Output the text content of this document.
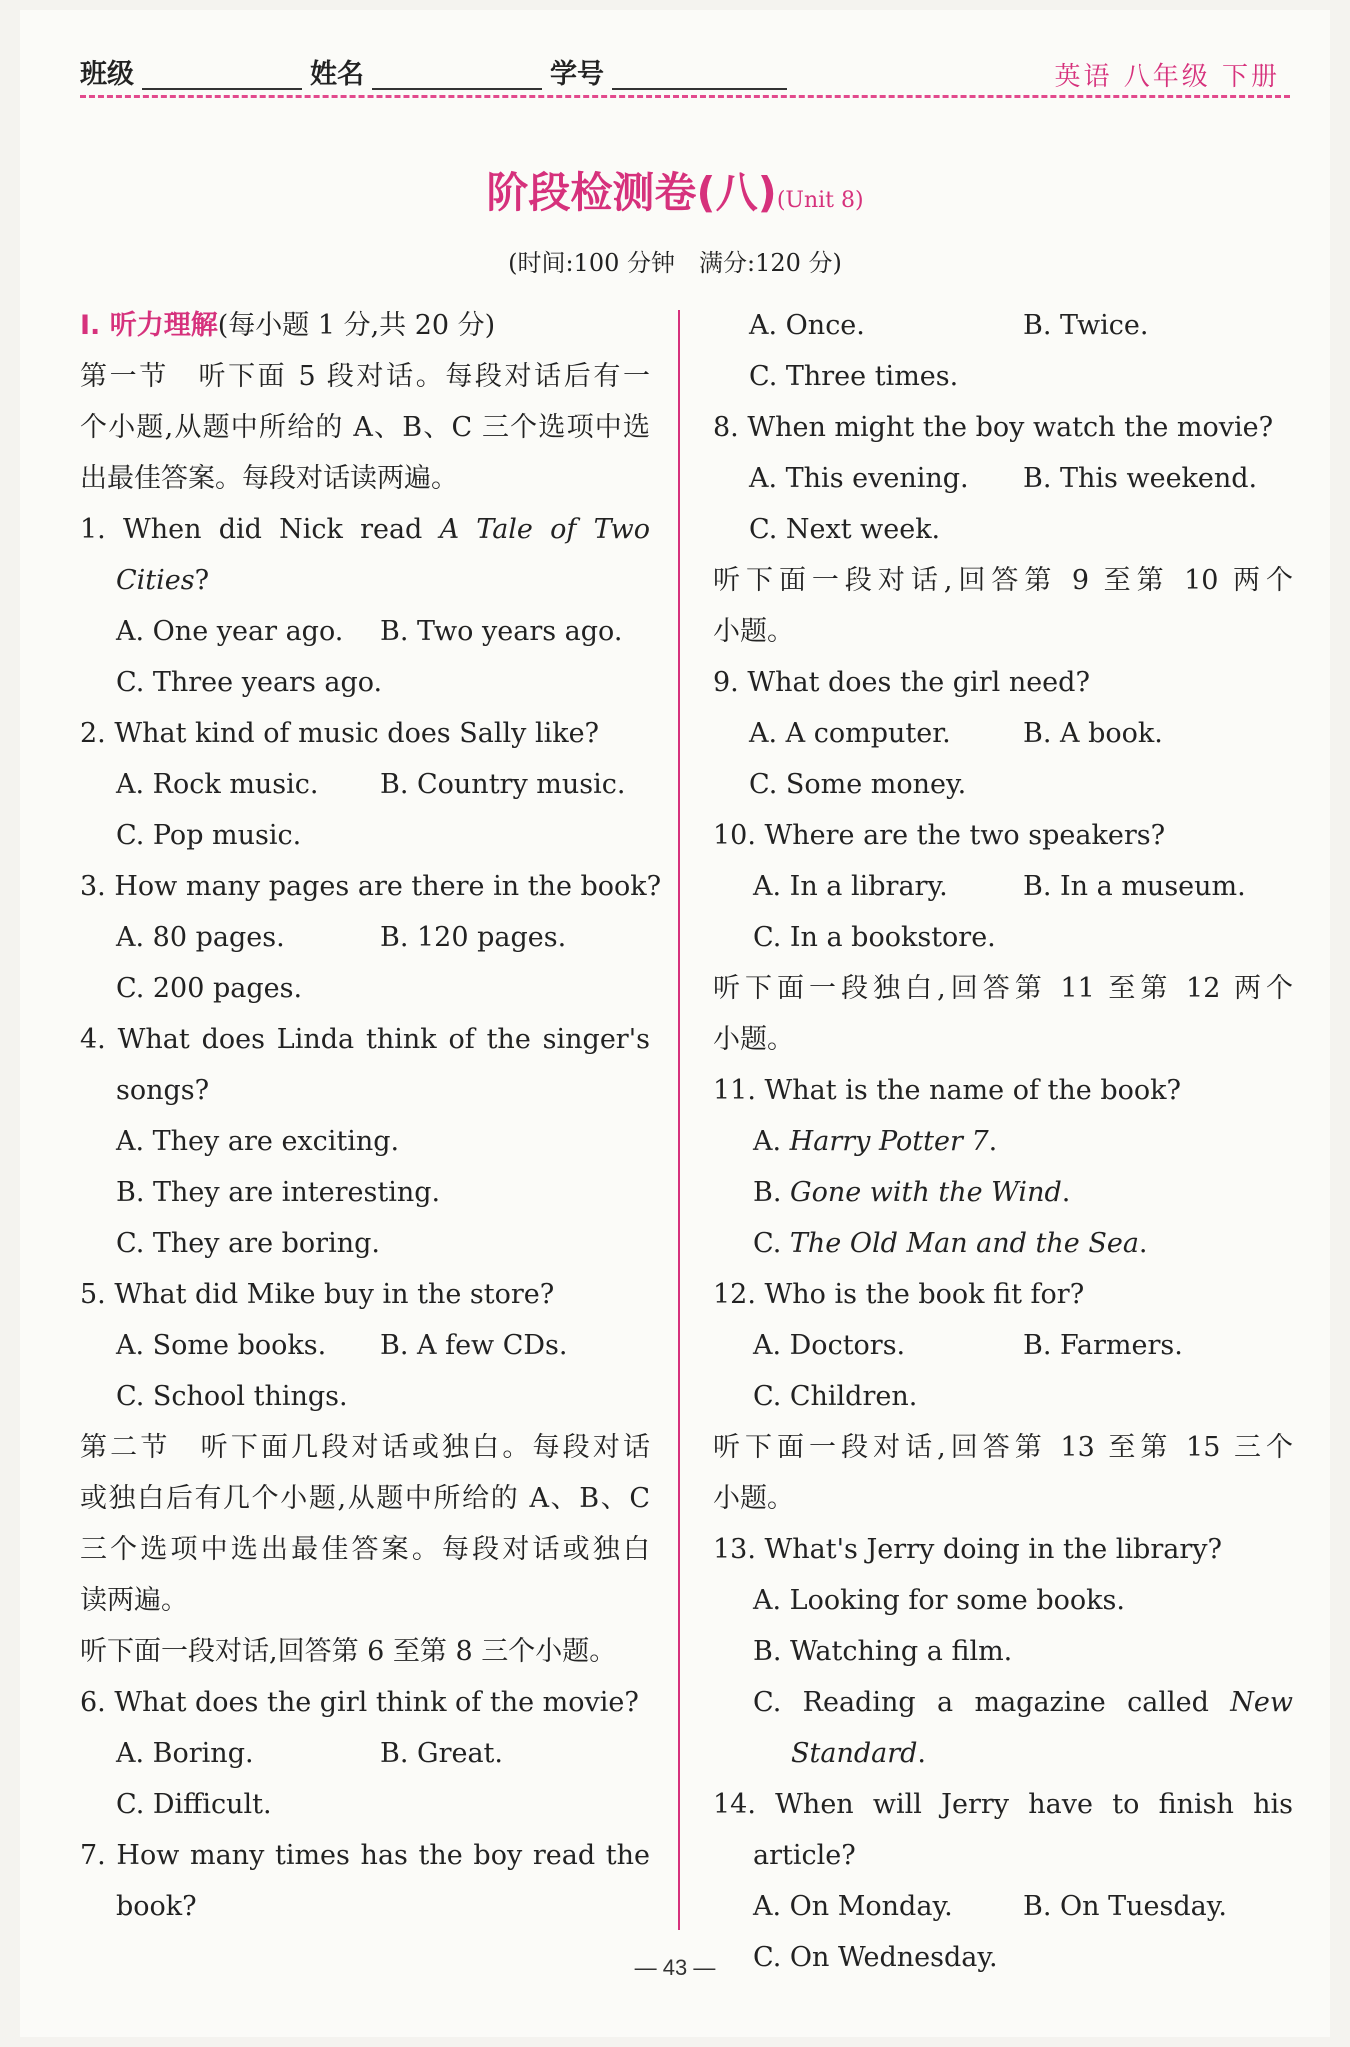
班级	姓名	学号	英语 八年级 下册
阶段检测卷(八)(Unit 8)
(时间:100 分钟　满分:120 分)
Ⅰ. 听力理解(每小题 1 分,共 20 分)
第一节　听下面 5 段对话。每段对话后有一
个小题,从题中所给的 A、B、C 三个选项中选
出最佳答案。每段对话读两遍。
1. When did Nick read A Tale of Two
Cities?
A. One year ago. B. Two years ago.
C. Three years ago.
2. What kind of music does Sally like?
A. Rock music. B. Country music.
C. Pop music.
3. How many pages are there in the book?
A. 80 pages.	B. 120 pages.
C. 200 pages.
4. What does Linda think of the singer's
songs?
A. They are exciting.
B. They are interesting.
C. They are boring.
5. What did Mike buy in the store?
A. Some books. B. A few CDs.
C. School things.
第二节　听下面几段对话或独白。每段对话
或独白后有几个小题,从题中所给的 A、B、C
三个选项中选出最佳答案。每段对话或独白
读两遍。
听下面一段对话,回答第 6 至第 8 三个小题。
6. What does the girl think of the movie?
A. Boring.	B. Great.
C. Difficult.
7. How many times has the boy read the
book?
A. Once.	B. Twice.
C. Three times.
8. When might the boy watch the movie?
A. This evening. B. This weekend.
C. Next week.
听下面一段对话,回答第 9 至第 10 两个
小题。
9. What does the girl need?
A. A computer.	B. A book.
C. Some money.
10. Where are the two speakers?
A. In a library.	B. In a museum.
C. In a bookstore.
听下面一段独白,回答第 11 至第 12 两个
小题。
11. What is the name of the book?
A. Harry Potter 7.
B. Gone with the Wind.
C. The Old Man and the Sea.
12. Who is the book fit for?
A. Doctors.	B. Farmers.
C. Children.
听下面一段对话,回答第 13 至第 15 三个
小题。
13. What's Jerry doing in the library?
A. Looking for some books.
B. Watching a film.
C. Reading a magazine called New
Standard.
14. When will Jerry have to finish his
article?
A. On Monday.	B. On Tuesday.
C. On Wednesday.
— 43 —
